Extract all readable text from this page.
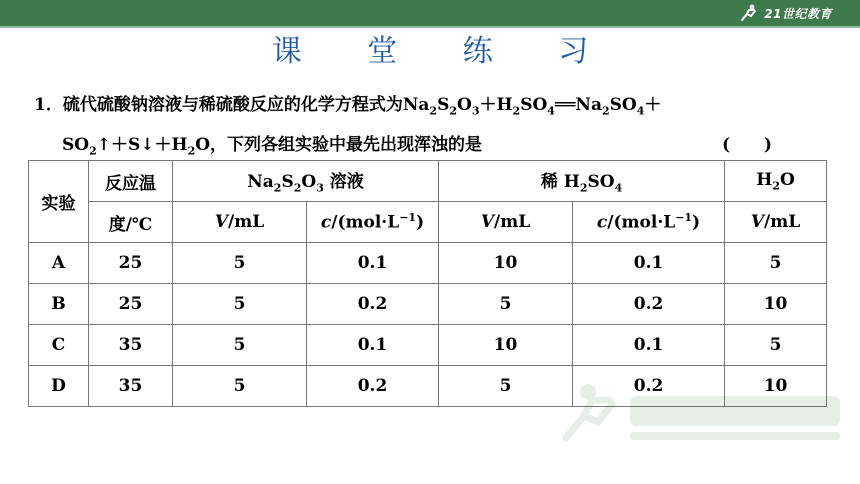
21世纪教育
课 堂 练 习
1．硫代硫酸钠溶液与稀硫酸反应的化学方程式为$Na_2S_2O_3+H_2SO_4══Na_2SO_4+$
$SO_2↑+S↓+H_2O$，下列各组实验中最先出现浑浊的是	(　　)
实验	反应温	$Na_2S_2O_3$ 溶液		稀 $H_2SO_4$		$H_2O$
	度/℃	V/mL	$c/(mol\cdot L^{-1})$	V/mL	$c/(mol\cdot L^{-1})$	V/mL
A	25	5	0.1	10	0.1	5
B	25	5	0.2	5	0.2	10
C	35	5	0.1	10	0.1	5
D	35	5	0.2	5	0.2	10
